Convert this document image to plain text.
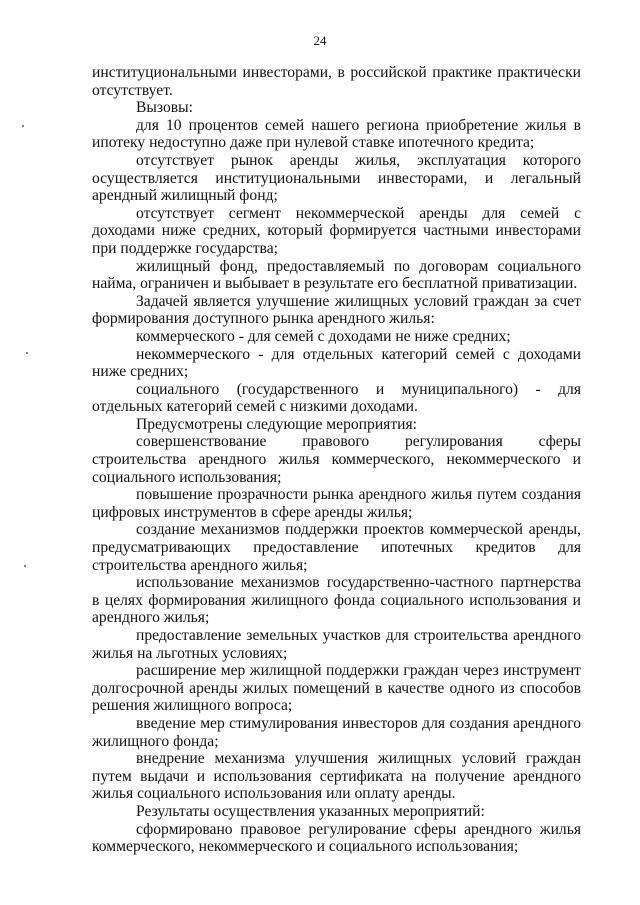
24

институциональными инвесторами, в российской практике практически отсутствует.

Вызовы:

для 10 процентов семей нашего региона приобретение жилья в ипотеку недоступно даже при нулевой ставке ипотечного кредита;

отсутствует рынок аренды жилья, эксплуатация которого осуществляется институциональными инвесторами, и легальный арендный жилищный фонд;

отсутствует сегмент некоммерческой аренды для семей с доходами ниже средних, который формируется частными инвесторами при поддержке государства;

жилищный фонд, предоставляемый по договорам социального найма, ограничен и выбывает в результате его бесплатной приватизации.

Задачей является улучшение жилищных условий граждан за счет формирования доступного рынка арендного жилья:

коммерческого - для семей с доходами не ниже средних;

некоммерческого - для отдельных категорий семей с доходами ниже средних;

социального (государственного и муниципального) - для отдельных категорий семей с низкими доходами.

Предусмотрены следующие мероприятия:

совершенствование правового регулирования сферы строительства арендного жилья коммерческого, некоммерческого и социального использования;

повышение прозрачности рынка арендного жилья путем создания цифровых инструментов в сфере аренды жилья;

создание механизмов поддержки проектов коммерческой аренды, предусматривающих предоставление ипотечных кредитов для строительства арендного жилья;

использование механизмов государственно-частного партнерства в целях формирования жилищного фонда социального использования и арендного жилья;

предоставление земельных участков для строительства арендного жилья на льготных условиях;

расширение мер жилищной поддержки граждан через инструмент долгосрочной аренды жилых помещений в качестве одного из способов решения жилищного вопроса;

введение мер стимулирования инвесторов для создания арендного жилищного фонда;

внедрение механизма улучшения жилищных условий граждан путем выдачи и использования сертификата на получение арендного жилья социального использования или оплату аренды.

Результаты осуществления указанных мероприятий:

сформировано правовое регулирование сферы арендного жилья коммерческого, некоммерческого и социального использования;
